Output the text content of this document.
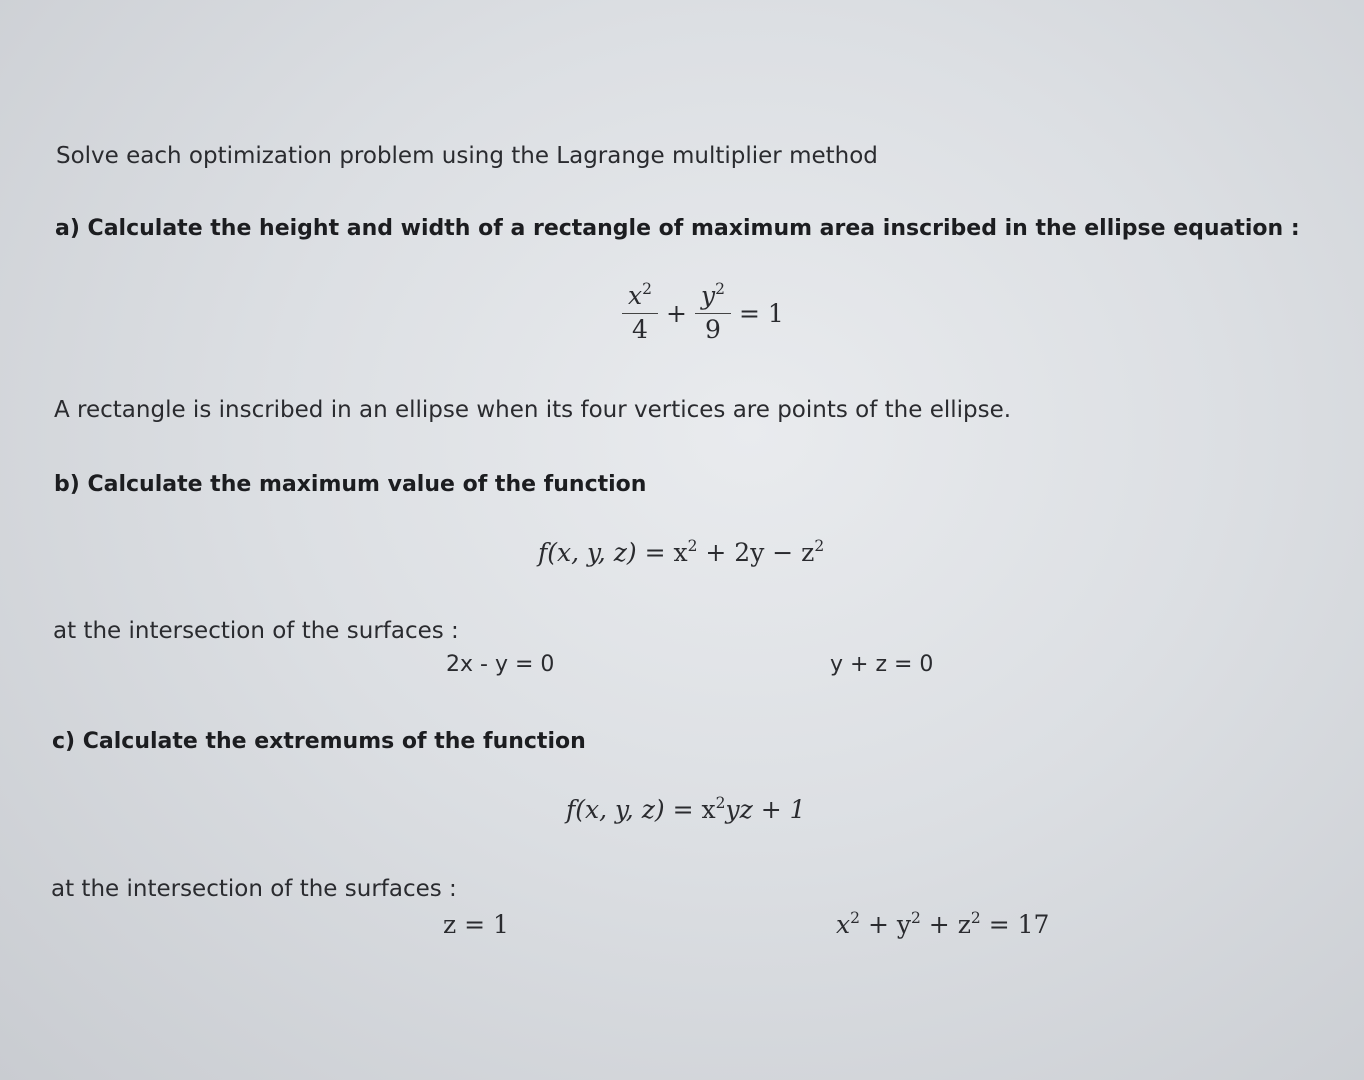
Solve each optimization problem using the Lagrange multiplier method
a) Calculate the height and width of a rectangle of maximum area inscribed in the ellipse equation :
$\frac{x^2}{4} + \frac{y^2}{9} = 1$
A rectangle is inscribed in an ellipse when its four vertices are points of the ellipse.
b) Calculate the maximum value of the function
f(x, y, $z) = x^2 + 2y - z^2$
at the intersection of the surfaces :
2x - y = 0	y + z = 0
c) Calculate the extremums of the function
f(x, y, $z) = x^2yz + 1$
at the intersection of the surfaces :
z = 1	$x^2 + y^2 + z^2 = 17$
